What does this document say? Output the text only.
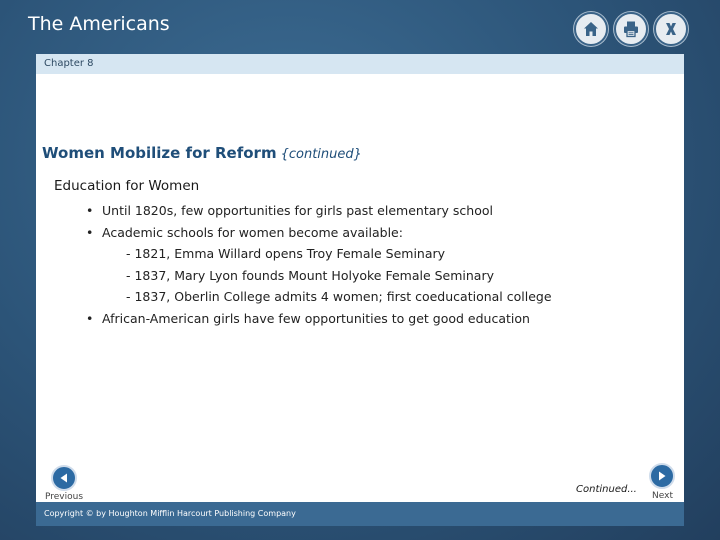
The Americans
Chapter 8
Women Mobilize for Reform {continued}
Education for Women
• Until 1820s, few opportunities for girls past elementary school
• Academic schools for women become available:
- 1821, Emma Willard opens Troy Female Seminary
- 1837, Mary Lyon founds Mount Holyoke Female Seminary
- 1837, Oberlin College admits 4 women; first coeducational college
• African-American girls have few opportunities to get good education
Previous
Continued...
Next
Copyright © by Houghton Mifflin Harcourt Publishing Company
